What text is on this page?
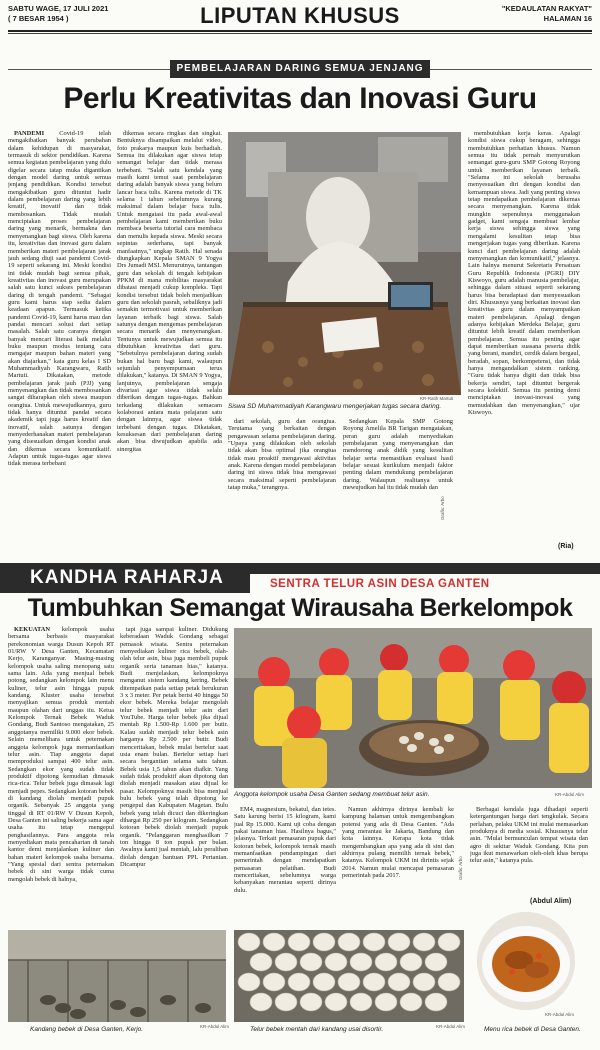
SABTU WAGE, 17 JULI 2021
( 7 BESAR 1954 )	LIPUTAN KHUSUS	"KEDAULATAN RAKYAT"
HALAMAN 16
PEMBELAJARAN DARING SEMUA JENJANG
Perlu Kreativitas dan Inovasi Guru

PANDEMI Covid-19 telah mengakibatkan banyak perubahan dalam kehidupan di masyarakat, termasuk di sektor pendidikan. Karena semua kegiatan pembelajaran yang dulu digelar secara tatap muka digantikan dengan model daring untuk semua jenjang pendidikan. Kondisi tersebut mengakibatkan guru dituntut hadir dalam pembelajaran daring yang lebih kreatif, inovatif dan tidak membosankan. Tidak mudah menciptakan proses pembelajaran daring yang menarik, bermakna dan menyenangkan bagi siswa. Oleh karena itu, kreativitas dan inovasi guru dalam memberikan materi pembelajaran jarak jauh sedang diuji saat pandemi Covid-19 seperti sekarang ini. Meski kondisi ini tidak mudah bagi semua pihak, kreativitas dan inovasi guru merupakan salah satu kunci sukses pembelajaran daring di tengah pandemi. "Sebagai guru kami harus siap sedia dalam keadaan apapun. Termasuk ketika pandemi Covid-19, kami harus mau dan pandai mencari solusi dari setiap masalah. Salah satu caranya dengan banyak mencari literasi baik melalui buku maupun modus tentang cara mengajar maupun bahan materi yang akan diajarkan," kata guru kelas I SD Muhammadiyah Karangwaru, Ratih Martuti. Dikatakan, metode pembelajaran jarak jauh (PJJ) yang menyenangkan dan tidak membosankan sangat diharapkan oleh siswa maupun orangtua. Untuk mewujudkannya, guru tidak hanya dituntut pandai secara akademik tapi juga harus kreatif dan inovatif, salah satunya dengan menyederhanakan materi pembelajaran yang disesuaikan dengan kondisi anak dan dikemas secara komunikatif. Adapun untuk tugas-tugas agar siswa tidak merasa terbebani

dikemas secara ringkas dan singkat. Bentuknya disampaikan melalui video, foto prakarya maupun kuis berhadiah. Semua itu dilakukan agar siswa tetap semangat belajar dan tidak merasa terbebani. "Salah satu kendala yang masih kami temui saat pembelajaran daring adalah banyak siswa yang belum lancar baca tulis. Karena metode di TK selama 1 tahun sebelumnya kurang maksimal dalam belajar baca tulis. Untuk mengatasi itu pada awal-awal pembelajaran kami memberikan buku membaca beserta tutorial cara membaca dan menulis kepada siswa. Meski secara sepintas sederhana, tapi banyak manfaatnya," ungkap Ratih. Hal senada diungkapkan Kepala SMAN 9 Yogya Drs Jumadi MSI. Menurutnya, tantangan guru dan sekolah di tengah kebijakan PPKM di mana mobilitas masyarakat dibatasi menjadi cukup kompleks. Tapi kondisi tersebut tidak boleh menjadikan guru dan sekolah pasrah, sebaliknya jadi semakin termotivasi untuk memberikan layanan terbaik bagi siswa. Salah satunya dengan mengemas pembelajaran secara menarik dan menyenangkan. Tentunya untuk mewujudkan semua itu dibutuhkan kreativitas dari guru. "Sebetulnya pembelajaran daring sudah bukan hal baru bagi kami, walaupun sejumlah penyempurnaan terus dilakukan," katanya. Di SMAN 9 Yogya, lanjutnya, pembelajaran sengaja divariasi agar siswa tidak selalu diberikan dengan tugas-tugas. Bahkan terkadang dilakukan semacam kolaborasi antara mata pelajaran satu dengan lainnya, agar siswa tidak terbebani dengan tugas. Dikatakan, kesuksesan dari pembelajaran daring akan bisa diwujudkan apabila ada sinergitas

KR-Ratih Martuti
Siswa SD Muhammadiyah Karangwaru mengerjakan tugas secara daring.

dari sekolah, guru dan orangtua. Terutama yang berkaitan dengan pengawasan selama pembelajaran daring. "Upaya yang dilakukan oleh sekolah tidak akan bisa optimal jika orangtua tidak mau proaktif mengawasi aktivitas anak. Karena dengan model pembelajaran daring ini siswa tidak bisa mengawasi secara maksimal seperti pembelajaran tatap muka," terangnya.

Sedangkan Kepala SMP Gotong Royong Amelila BR Tarigan mengatakan, peran guru adalah menyediakan pembelajaran yang menyenangkan dan mendorong anak didik yang kesulitan belajar serta memastikan evaluasi hasil belajar sesuai kurikulum menjadi faktor penting dalam mendukung pembelajaran daring. Walaupun realitanya untuk mewujudkan hal itu tidak mudah dan

membutuhkan kerja keras. Apalagi kondisi siswa cukup beragam, sehingga membutuhkan perhatian khusus. Namun semua itu tidak pernah menyurutkan semangat guru-guru SMP Gotong Royong untuk memberikan layanan terbaik. "Selama ini sekolah berusaha menyesuaikan diri dengan kondisi dan kemampuan siswa. Jadi yang penting siswa tetap mendapatkan pembelajaran dikemas secara menyenangkan. Karena tidak mungkin sepenuhnya menggunakan gadget, kami sengaja membuat lembar kerja siswa sehingga siswa yang mengalami kesulitan tetap bisa mengerjakan tugas yang diberikan. Karena kunci dari pembelajaran daring adalah menyenangkan dan komunikatif," jelasnya. Lain halnya menurut Sekretaris Persatuan Guru Republik Indonesia (PGRI) DIY Kiswoyo, guru adalah manusia pembelajar, sehingga dalam situasi seperti sekarang harus bisa beradaptasi dan menyesuaikan diri. Khususnya yang berkaitan inovasi dan kreativitas guru dalam menyampaikan materi pembelajaran. Apalagi dengan adanya kebijakan Merdeka Belajar, guru dituntut lebih kreatif dalam memberikan pembelajaran. Semua itu penting agar dapat memberikan suasana peserta didik yang berani, mandiri, cerdik dalam bergaul, beradab, sopan, berkompetensi, dan tidak hanya mengandalkan sistem ranking. "Guru tidak hanya digiti dan tidak bisa bekerja sendiri, tapi dituntut bergerak secara kolektif. Semua itu penting demi menciptakan inovasi-inovasi yang memudahkan dan menyenangkan," ujar Kiswoyo.

(Ria)
Grafis: Arbo
KANDHA RAHARJA	SENTRA TELUR ASIN DESA GANTEN
Tumbuhkan Semangat Wirausaha Berkelompok

KEKUATAN kelompok usaha bersama berbasis masyarakat perekonomian warga Dusun Kepoh RT 01/RW V Desa Ganten, Kecamatan Kerjo, Karanganyar. Masing-masing kelompok usaha saling menopang satu sama lain. Ada yang menjual bebek potong, sedangkan kelompok lain menu kuliner, telur asin hingga pupuk kandang. Kluster usaha tersebut menyajikan semua produk mentah maupun olahan dari unggas itu. Ketua Kelompok Ternak Bebek Waduk Gondang, Budi Santoso mengatakan, 25 anggotanya memiliki 9.000 ekor bebek. Selain memelihara untuk peternakan anggota kelompok juga memanfaatkan telur asin. Tiap anggota dapat memproduksi sampai 400 telur asin. Sedangkan ekor yang sudah tidak produktif dipotong kemudian dimasak rica-rica. Telur bebek juga dimasak lagi menjadi pepes. Sedangkan kotoran bebek di kandang diolah menjadi pupuk organik. Sebanyak 25 anggota yang tinggal di RT 01/RW V Dusun Kepoh, Desa Ganten ini saling bekerja sama agar usaha itu tetap mengepul penghasilannya. Para anggota rela menyediakan mata pencaharian di tanah kantor demi menjalankan kuliner dan bahan materi kelompok usaha bersama. "Yang spesial dari sentra peternakan bebek di sini warga tidak cuma mengolah bebek di halnya,

tapi juga sampai kuliner. Didukung keberadaan Waduk Gondang sebagai pemasok wisata. Sentra peternakan menyediakan kuliner rica bebek, olah-olah telur asin, bisa juga membeli pupuk organik serta tanaman hias," katanya. Budi menjelaskan, kelompoknya menganut sistem kandang kering. Bebek ditempatkan pada setiap petak berukuran 3 x 3 meter. Per petak berisi 40 hingga 50 ekor bebek. Mereka belajar mengolah telur bebek menjadi telur asin dari YouTube. Harga telur bebek jika dijual mentah Rp 1.500-Rp 1.600 per butir. Kalau sudah menjadi telur bebek asin harganya Rp 2.500 per butir. Budi menceritakan, bebek mulai bertelur saat usia enam bulan. Bertelur setiap hari secara bergantian selama satu tahun. Bebek usia 1,5 tahun akan diafkir. Yang sudah tidak produktif akan dipotong dan diolah menjadi masakan atau dijual ke pasar. Kelompoknya masih bisa menjual bulu bebek yang telah dipotong ke pengepul dan Kabupaten Magetan. Bulu bebek yang telah dicuci dan dikeringkan dihargai Rp 250 per kilogram. Sedangkan kotoran bebek diolah menjadi pupuk organik. "Pelanggaran menghasilkan 7 ton hingga 8 ton pupuk per bulan. Awalnya kami jual mentah, lalu peralihan diolah dengan bantuan PPL Pertanian. Dicampur

Anggota kelompok usaha Desa Ganten sedang membuat telur asin.	KR-Abdul Alim

EM4, magnesium, bekatul, dan tetes. Satu karung berisi 15 kilogram, kami jual Rp 15.000. Kami uji coba dengan pakai tanaman hias. Hasilnya bagus," jelasnya. Terkait pemasaran pupuk dari kotoran bebek, kelompok ternak masih memanfaatkan pendampingan dari pemerintah dengan mendapatkan pemasaran pelatihan. Budi menceritakan, sebelumnya warga kebanyakan merantau seperti dirinya dulu.

Namun akhirnya dirinya kembali ke kampung halaman untuk mengembangkan potensi yang ada di Desa Ganten. "Ada yang merantau ke Jakarta, Bandung dan kota lainnya. Kerapa kota tidak mengembangkan apa yang ada di sini dan akhirnya pulang memilih ternak bebek," katanya. Kelompok UKM ini dirintis sejak 2014. Namun mulai mencapai pemasaran pemerintah pada 2017.

Berbagai kendala juga dihadapi seperti ketergantungan harga dari tengkulak. Secara perlahan, pelaku UKM ini mulai memasarkan produknya di media sosial. Khususnya telur asin. "Mulai bermunculan tempat wisata dan agro di sekitar Waduk Gondang. Kita pun juga ikut menawarkan oleh-oleh khas berupa telur asin," katanya pula.

(Abdul Alim)
Grafis: Arbo
KR-Abdul Alim
Kandang bebek di Desa Ganten, Kerjo.	KR-Abdul Alim
Telur bebek mentah dari kandang usai disortir.
KR-Abdul Alim
Menu rica bebek di Desa Ganten.
